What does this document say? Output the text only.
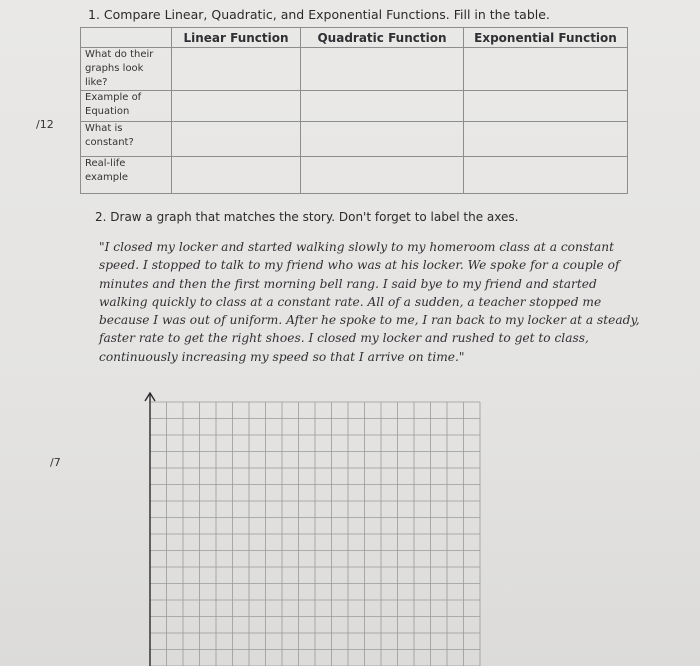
1. Compare Linear, Quadratic, and Exponential Functions. Fill in the table.
/12
	Linear Function	Quadratic Function	Exponential Function
What do their graphs look like?			
Example of Equation			
What is constant?			
Real-life example			
2. Draw a graph that matches the story. Don't forget to label the axes.
"I closed my locker and started walking slowly to my homeroom class at a constant speed. I stopped to talk to my friend who was at his locker. We spoke for a couple of minutes and then the first morning bell rang. I said bye to my friend and started walking quickly to class at a constant rate. All of a sudden, a teacher stopped me because I was out of uniform. After he spoke to me, I ran back to my locker at a steady, faster rate to get the right shoes. I closed my locker and rushed to get to class, continuously increasing my speed so that I arrive on time."
/7
